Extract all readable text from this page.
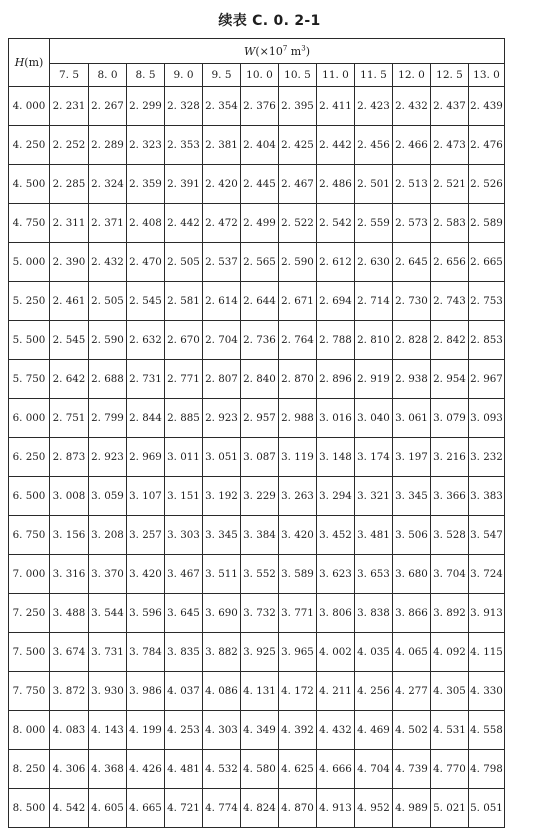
续表 C. 0. 2-1
H(m)	$W(\times 10^7$ $m^3$)											
	7. 5	8. 0	8. 5	9. 0	9. 5	10. 0	10. 5	11. 0	11. 5	12. 0	12. 5	13. 0
4. 000	2. 231	2. 267	2. 299	2. 328	2. 354	2. 376	2. 395	2. 411	2. 423	2. 432	2. 437	2. 439
4. 250	2. 252	2. 289	2. 323	2. 353	2. 381	2. 404	2. 425	2. 442	2. 456	2. 466	2. 473	2. 476
4. 500	2. 285	2. 324	2. 359	2. 391	2. 420	2. 445	2. 467	2. 486	2. 501	2. 513	2. 521	2. 526
4. 750	2. 311	2. 371	2. 408	2. 442	2. 472	2. 499	2. 522	2. 542	2. 559	2. 573	2. 583	2. 589
5. 000	2. 390	2. 432	2. 470	2. 505	2. 537	2. 565	2. 590	2. 612	2. 630	2. 645	2. 656	2. 665
5. 250	2. 461	2. 505	2. 545	2. 581	2. 614	2. 644	2. 671	2. 694	2. 714	2. 730	2. 743	2. 753
5. 500	2. 545	2. 590	2. 632	2. 670	2. 704	2. 736	2. 764	2. 788	2. 810	2. 828	2. 842	2. 853
5. 750	2. 642	2. 688	2. 731	2. 771	2. 807	2. 840	2. 870	2. 896	2. 919	2. 938	2. 954	2. 967
6. 000	2. 751	2. 799	2. 844	2. 885	2. 923	2. 957	2. 988	3. 016	3. 040	3. 061	3. 079	3. 093
6. 250	2. 873	2. 923	2. 969	3. 011	3. 051	3. 087	3. 119	3. 148	3. 174	3. 197	3. 216	3. 232
6. 500	3. 008	3. 059	3. 107	3. 151	3. 192	3. 229	3. 263	3. 294	3. 321	3. 345	3. 366	3. 383
6. 750	3. 156	3. 208	3. 257	3. 303	3. 345	3. 384	3. 420	3. 452	3. 481	3. 506	3. 528	3. 547
7. 000	3. 316	3. 370	3. 420	3. 467	3. 511	3. 552	3. 589	3. 623	3. 653	3. 680	3. 704	3. 724
7. 250	3. 488	3. 544	3. 596	3. 645	3. 690	3. 732	3. 771	3. 806	3. 838	3. 866	3. 892	3. 913
7. 500	3. 674	3. 731	3. 784	3. 835	3. 882	3. 925	3. 965	4. 002	4. 035	4. 065	4. 092	4. 115
7. 750	3. 872	3. 930	3. 986	4. 037	4. 086	4. 131	4. 172	4. 211	4. 256	4. 277	4. 305	4. 330
8. 000	4. 083	4. 143	4. 199	4. 253	4. 303	4. 349	4. 392	4. 432	4. 469	4. 502	4. 531	4. 558
8. 250	4. 306	4. 368	4. 426	4. 481	4. 532	4. 580	4. 625	4. 666	4. 704	4. 739	4. 770	4. 798
8. 500	4. 542	4. 605	4. 665	4. 721	4. 774	4. 824	4. 870	4. 913	4. 952	4. 989	5. 021	5. 051
